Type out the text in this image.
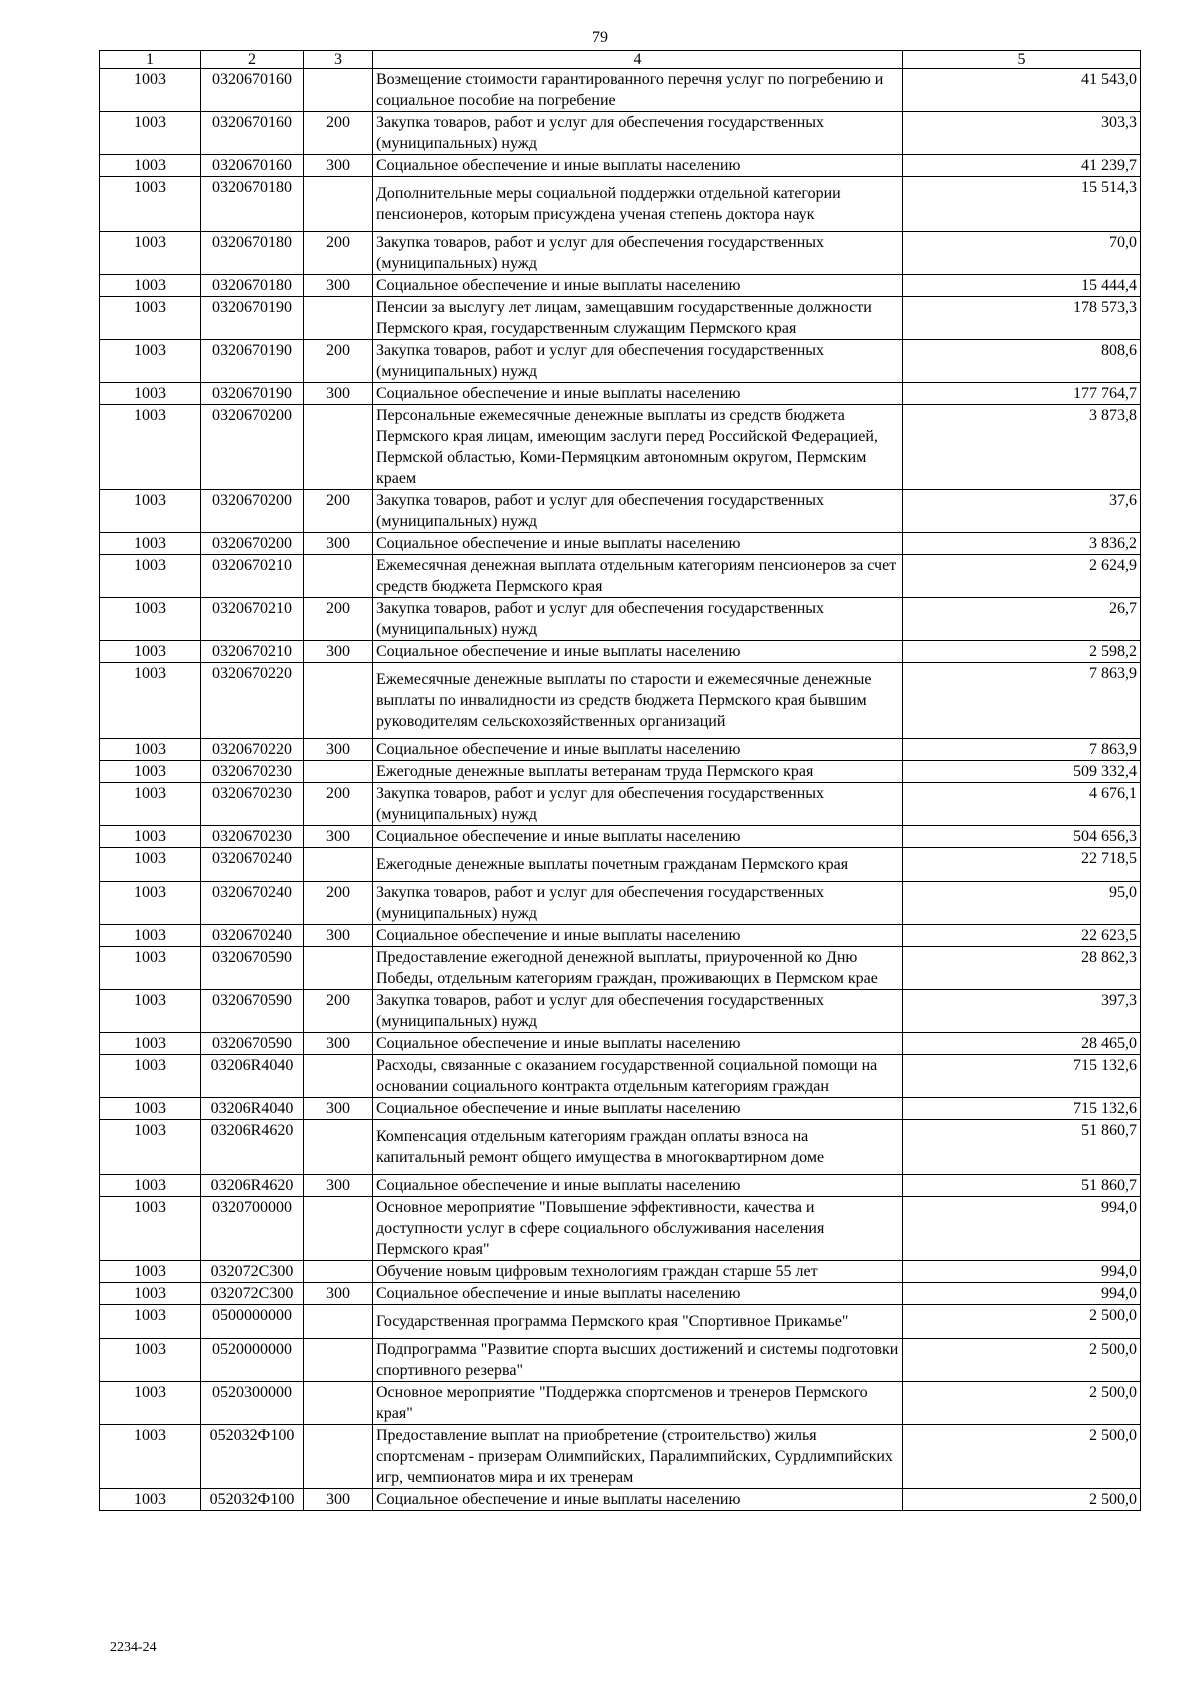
79
1	2	3	4	5
1003	0320670160		Возмещение стоимости гарантированного перечня услуг по погребению и социальное пособие на погребение	41 543,0
1003	0320670160	200	Закупка товаров, работ и услуг для обеспечения государственных (муниципальных) нужд	303,3
1003	0320670160	300	Социальное обеспечение и иные выплаты населению	41 239,7
1003	0320670180		Дополнительные меры социальной поддержки отдельной категории пенсионеров, которым присуждена ученая степень доктора наук	15 514,3
1003	0320670180	200	Закупка товаров, работ и услуг для обеспечения государственных (муниципальных) нужд	70,0
1003	0320670180	300	Социальное обеспечение и иные выплаты населению	15 444,4
1003	0320670190		Пенсии за выслугу лет лицам, замещавшим государственные должности Пермского края, государственным служащим Пермского края	178 573,3
1003	0320670190	200	Закупка товаров, работ и услуг для обеспечения государственных (муниципальных) нужд	808,6
1003	0320670190	300	Социальное обеспечение и иные выплаты населению	177 764,7
1003	0320670200		Персональные ежемесячные денежные выплаты из средств бюджета Пермского края лицам, имеющим заслуги перед Российской Федерацией, Пермской областью, Коми-Пермяцким автономным округом, Пермским краем	3 873,8
1003	0320670200	200	Закупка товаров, работ и услуг для обеспечения государственных (муниципальных) нужд	37,6
1003	0320670200	300	Социальное обеспечение и иные выплаты населению	3 836,2
1003	0320670210		Ежемесячная денежная выплата отдельным категориям пенсионеров за счет средств бюджета Пермского края	2 624,9
1003	0320670210	200	Закупка товаров, работ и услуг для обеспечения государственных (муниципальных) нужд	26,7
1003	0320670210	300	Социальное обеспечение и иные выплаты населению	2 598,2
1003	0320670220		Ежемесячные денежные выплаты по старости и ежемесячные денежные выплаты по инвалидности из средств бюджета Пермского края бывшим руководителям сельскохозяйственных организаций	7 863,9
1003	0320670220	300	Социальное обеспечение и иные выплаты населению	7 863,9
1003	0320670230		Ежегодные денежные выплаты ветеранам труда Пермского края	509 332,4
1003	0320670230	200	Закупка товаров, работ и услуг для обеспечения государственных (муниципальных) нужд	4 676,1
1003	0320670230	300	Социальное обеспечение и иные выплаты населению	504 656,3
1003	0320670240		Ежегодные денежные выплаты почетным гражданам Пермского края	22 718,5
1003	0320670240	200	Закупка товаров, работ и услуг для обеспечения государственных (муниципальных) нужд	95,0
1003	0320670240	300	Социальное обеспечение и иные выплаты населению	22 623,5
1003	0320670590		Предоставление ежегодной денежной выплаты, приуроченной ко Дню Победы, отдельным категориям граждан, проживающих в Пермском крае	28 862,3
1003	0320670590	200	Закупка товаров, работ и услуг для обеспечения государственных (муниципальных) нужд	397,3
1003	0320670590	300	Социальное обеспечение и иные выплаты населению	28 465,0
1003	03206R4040		Расходы, связанные с оказанием государственной социальной помощи на основании социального контракта отдельным категориям граждан	715 132,6
1003	03206R4040	300	Социальное обеспечение и иные выплаты населению	715 132,6
1003	03206R4620		Компенсация отдельным категориям граждан оплаты взноса на капитальный ремонт общего имущества в многоквартирном доме	51 860,7
1003	03206R4620	300	Социальное обеспечение и иные выплаты населению	51 860,7
1003	0320700000		Основное мероприятие "Повышение эффективности, качества и доступности услуг в сфере социального обслуживания населения Пермского края"	994,0
1003	032072С300		Обучение новым цифровым технологиям граждан старше 55 лет	994,0
1003	032072С300	300	Социальное обеспечение и иные выплаты населению	994,0
1003	0500000000		Государственная программа Пермского края "Спортивное Прикамье"	2 500,0
1003	0520000000		Подпрограмма "Развитие спорта высших достижений и системы подготовки спортивного резерва"	2 500,0
1003	0520300000		Основное мероприятие "Поддержка спортсменов и тренеров Пермского края"	2 500,0
1003	052032Ф100		Предоставление выплат на приобретение (строительство) жилья спортсменам - призерам Олимпийских, Паралимпийских, Сурдлимпийских игр, чемпионатов мира и их тренерам	2 500,0
1003	052032Ф100	300	Социальное обеспечение и иные выплаты населению	2 500,0
2234-24
